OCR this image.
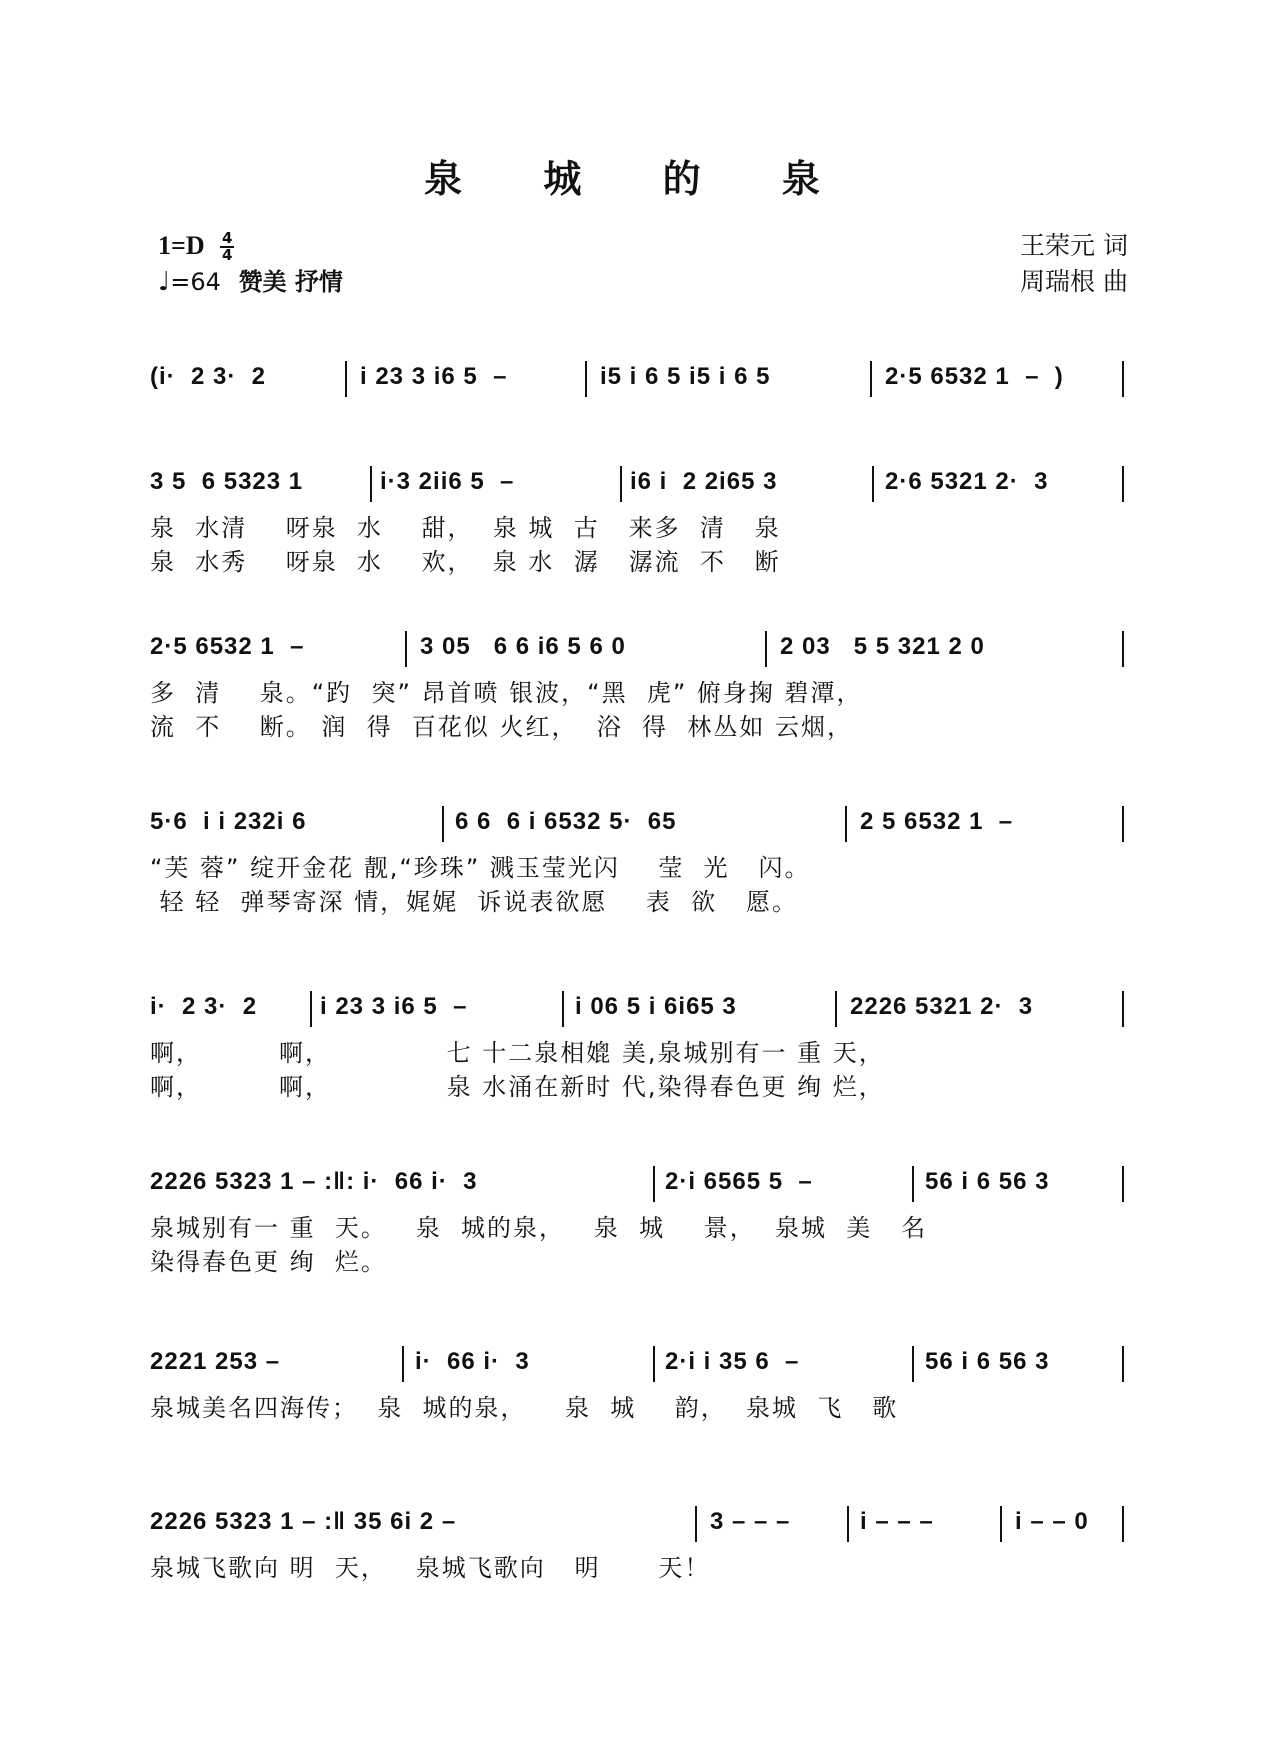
泉 城 的 泉
$1=D \frac{4}{4}$
♩=64 赞美 抒情
王荣元 词
周瑞根 曲
(i·  2 3·  2	i 23 3 i6 5  –	i5 i 6 5 i5 i 6 5	2·5 6532 1  –  )
3 5  6 5323 1	i·3 2ii6 5  –	i6 i  2 2i65 3	2·6 5321 2·  3
泉  水清    呀泉  水    甜，  泉 城  古   来多  清   泉
泉  水秀    呀泉  水    欢，  泉 水  潺   潺流  不   断
2·5 6532 1  –	3 05   6 6 i6 5 6 0	2 03   5 5 321 2 0
多  清    泉。“趵  突” 昂首喷 银波，“黑  虎” 俯身掬 碧潭，
流  不    断。 润  得  百花似 火红，  浴  得  林丛如 云烟，
5·6  i i 232i 6	6 6  6 i 6532 5·  65	2 5 6532 1  –
“芙 蓉” 绽开金花 靓,“珍珠” 溅玉莹光闪    莹  光   闪。
轻 轻  弹琴寄深 情，娓娓  诉说表欲愿    表  欲   愿。
i·  2 3·  2	i 23 3 i6 5  –	i 06 5 i 6i65 3	2226 5321 2·  3
啊，        啊，            七 十二泉相媲 美,泉城别有一 重 天，
啊，        啊，            泉 水涌在新时 代,染得春色更 绚 烂，
2226 5323 1 – :‖: i·  66 i·  3	2·i 6565 5  –	56 i 6 56 3
泉城别有一 重  天。   泉  城的泉，   泉  城    景，  泉城  美   名
染得春色更 绚  烂。
2221 253 –	i·  66 i·  3	2·i i 35 6  –	56 i 6 56 3
泉城美名四海传；  泉  城的泉，    泉  城    韵，  泉城  飞   歌
2226 5323 1 – :‖ 35 6i 2 –	3 – – –	i – – –	i – – 0
泉城飞歌向 明  天，   泉城飞歌向   明      天！
